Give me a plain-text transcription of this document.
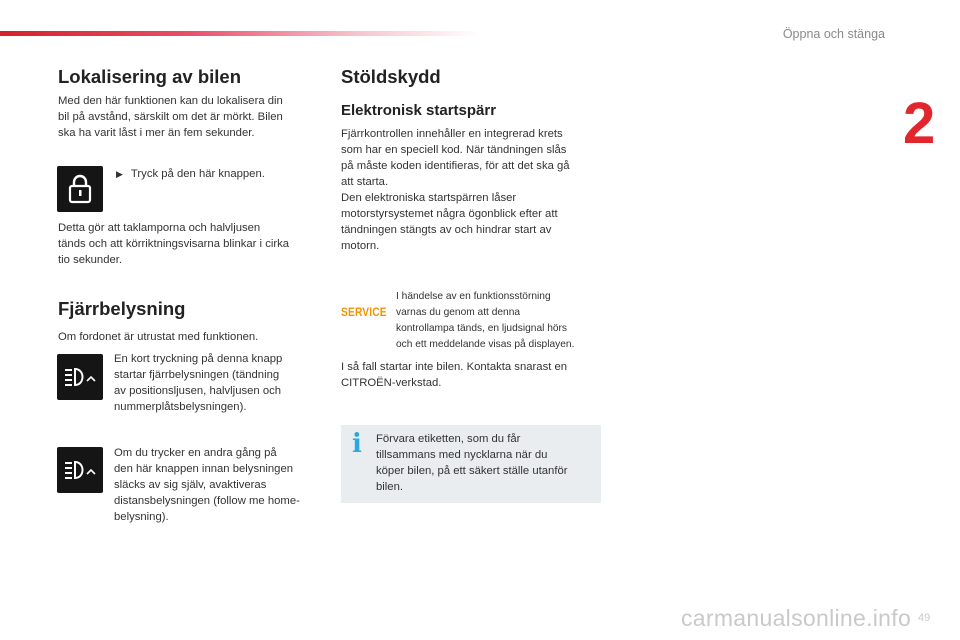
Öppna och stänga
2
Lokalisering av bilen

Med den här funktionen kan du lokalisera din
bil på avstånd, särskilt om det är mörkt. Bilen
ska ha varit låst i mer än fem sekunder.

▶ Tryck på den här knappen.

Detta gör att taklamporna och halvljusen
tänds och att körriktningsvisarna blinkar i cirka
tio sekunder.

Fjärrbelysning

Om fordonet är utrustat med funktionen.

En kort tryckning på denna knapp
startar fjärrbelysningen (tändning
av positionsljusen, halvljusen och
nummerplåtsbelysningen).

Om du trycker en andra gång på
den här knappen innan belysningen
släcks av sig själv, avaktiveras
distansbelysningen (follow me home-
belysning).

Stöldskydd
Elektronisk startspärr

Fjärrkontrollen innehåller en integrerad krets
som har en speciell kod. När tändningen slås
på måste koden identifieras, för att det ska gå
att starta.
Den elektroniska startspärren låser
motorstyrsystemet några ögonblick efter att
tändningen stängts av och hindrar start av
motorn.

SERVICE

I händelse av en funktionsstörning
varnas du genom att denna
kontrollampa tänds, en ljudsignal hörs
och ett meddelande visas på displayen.

I så fall startar inte bilen. Kontakta snarast en
CITROËN-verkstad.

i Förvara etiketten, som du får
tillsammans med nycklarna när du
köper bilen, på ett säkert ställe utanför
bilen.

carmanualsonline.info 49
